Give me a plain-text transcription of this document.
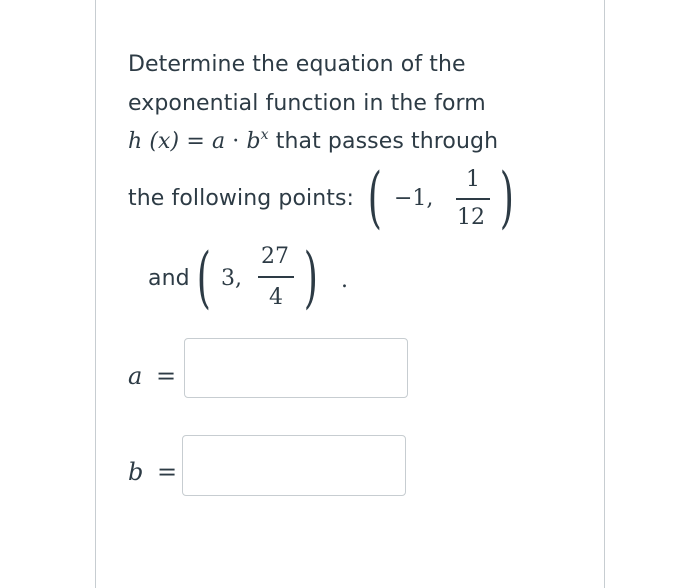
Determine the equation of the
exponential function in the form
h $(x) = a \cdot b^x$ that passes through
the following points: ( −1,
1
12 )
and ( 3,
27
4 ) .
a =
b =
